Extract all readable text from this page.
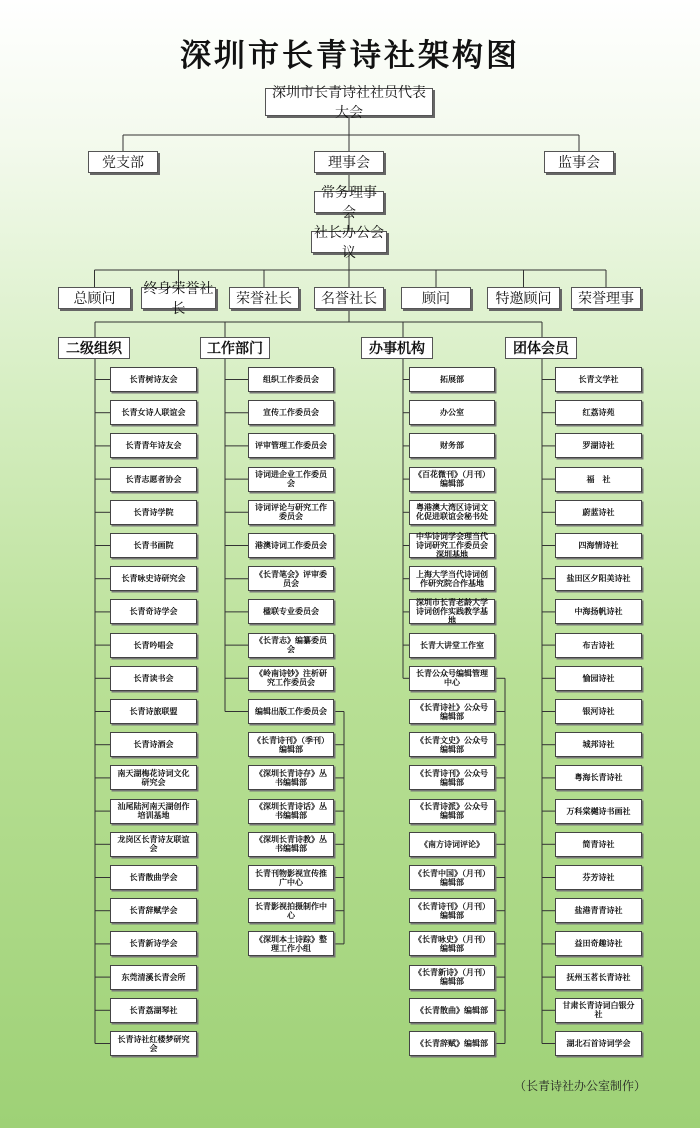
深圳市长青诗社架构图
深圳市长青诗社社员代表大会
党支部	理事会	监事会
常务理事会
社长办公会议
总顾问
终身荣誉社长
荣誉社长	名誉社长	顾问	特邀顾问	荣誉理事
二级组织	工作部门	办事机构	团体会员
长青树诗友会
长青女诗人联谊会
长青青年诗友会
长青志愿者协会
长青诗学院
长青书画院
长青咏史诗研究会
长青奇诗学会
长青吟唱会
长青读书会
长青诗旅联盟
长青诗酒会
南天湖梅花诗词文化研究会
汕尾陆河南天湖创作培训基地
龙岗区长青诗友联谊会
长青散曲学会
长青辞赋学会
长青新诗学会
东莞清溪长青会所
长青荔湖琴社
长青诗社红楼梦研究会
组织工作委员会
宣传工作委员会
评审管理工作委员会
诗词进企业工作委员会
诗词评论与研究工作委员会
港澳诗词工作委员会
《长青笔会》评审委员会
楹联专业委员会
《长青志》编纂委员会
《岭南诗钞》注析研究工作委员会
编辑出版工作委员会
《长青诗刊》（季刊）编辑部
《深圳长青诗存》丛书编辑部
《深圳长青诗话》丛书编辑部
《深圳长青诗教》丛书编辑部
长青刊物影视宣传推广中心
长青影视拍摄制作中心
《深圳本土诗踪》整理工作小组
拓展部
办公室
财务部
《百花微刊》（月刊）编辑部
粤港澳大湾区诗词文化促进联谊会秘书处
中华诗词学会理当代诗词研究工作委员会深圳基地
上海大学当代诗词创作研究院合作基地
深圳市长青老龄大学诗词创作实践教学基地
长青大讲堂工作室
长青公众号编辑管理中心
《长青诗社》公众号编辑部
《长青文史》公众号编辑部
《长青诗刊》公众号编辑部
《长青诗派》公众号编辑部
《南方诗词评论》
《长青中国》（月刊）编辑部
《长青诗刊》（月刊）编辑部
《长青咏史》（月刊）编辑部
《长青新诗》（月刊）编辑部
《长青散曲》编辑部
《长青辞赋》编辑部
长青文学社
红荔诗苑
罗湖诗社
福　社
蔚蓝诗社
四海情诗社
盐田区夕阳美诗社
中海扬帆诗社
布吉诗社
愉园诗社
银河诗社
城邦诗社
粤海长青诗社
万科棠樾诗书画社
简青诗社
芬芳诗社
盐港青青诗社
益田奇趣诗社
抚州玉茗长青诗社
甘肃长青诗词白银分社
湖北石首诗词学会
（长青诗社办公室制作）
